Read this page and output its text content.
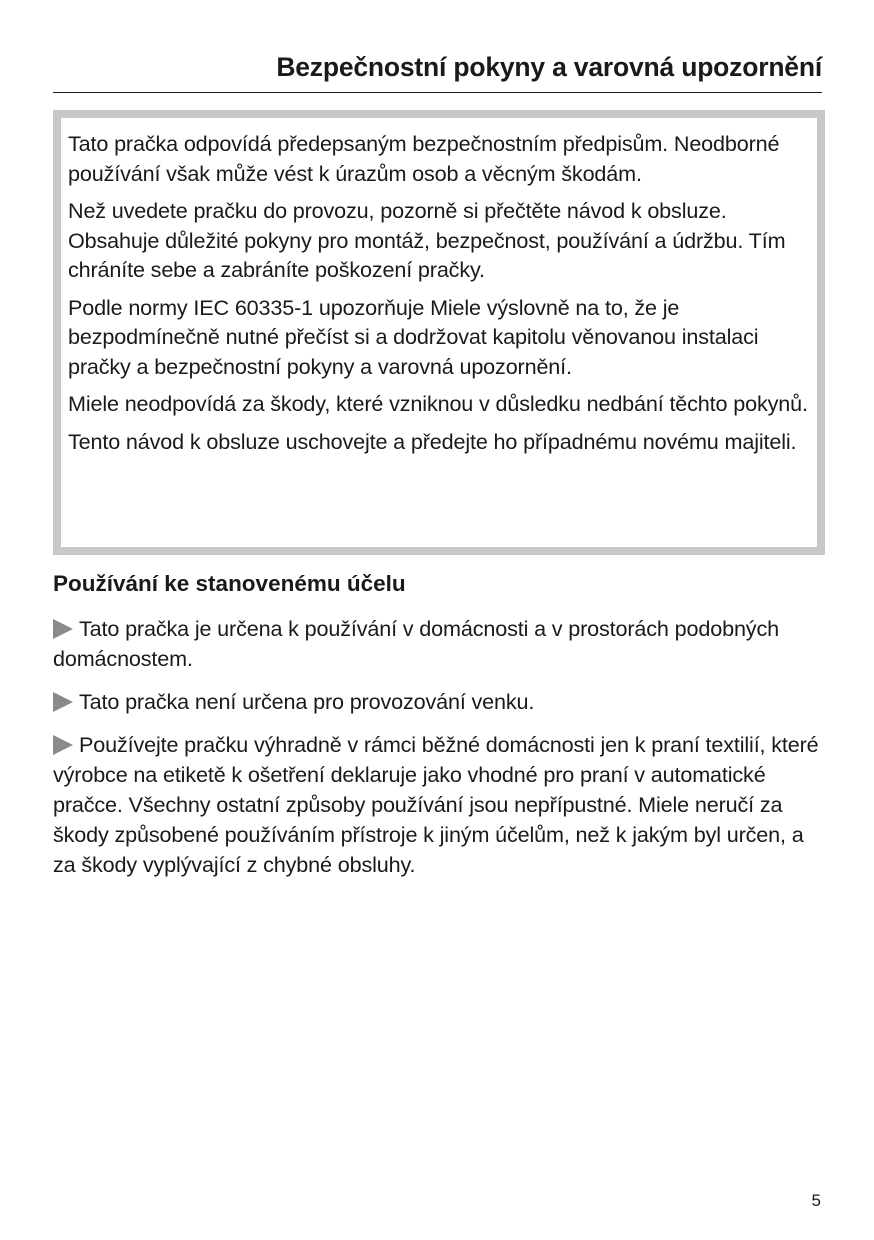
Bezpečnostní pokyny a varovná upozornění

Tato pračka odpovídá předepsaným bezpečnostním předpisům. Neodborné používání však může vést k úrazům osob a věcným škodám.

Než uvedete pračku do provozu, pozorně si přečtěte návod k obsluze. Obsahuje důležité pokyny pro montáž, bezpečnost, používání a údržbu. Tím chráníte sebe a zabráníte poškození pračky.

Podle normy IEC 60335-1 upozorňuje Miele výslovně na to, že je bezpodmínečně nutné přečíst si a dodržovat kapitolu věnovanou instalaci pračky a bezpečnostní pokyny a varovná upozornění.

Miele neodpovídá za škody, které vzniknou v důsledku nedbání těchto pokynů.

Tento návod k obsluze uschovejte a předejte ho případnému novému majiteli.

Používání ke stanovenému účelu

Tato pračka je určena k používání v domácnosti a v prostorách podobných domácnostem.

Tato pračka není určena pro provozování venku.

Používejte pračku výhradně v rámci běžné domácnosti jen k praní textilií, které výrobce na etiketě k ošetření deklaruje jako vhodné pro praní v automatické pračce. Všechny ostatní způsoby používání jsou nepřípustné. Miele neručí za škody způsobené používáním přístroje k jiným účelům, než k jakým byl určen, a za škody vyplývající z chybné obsluhy.

5
